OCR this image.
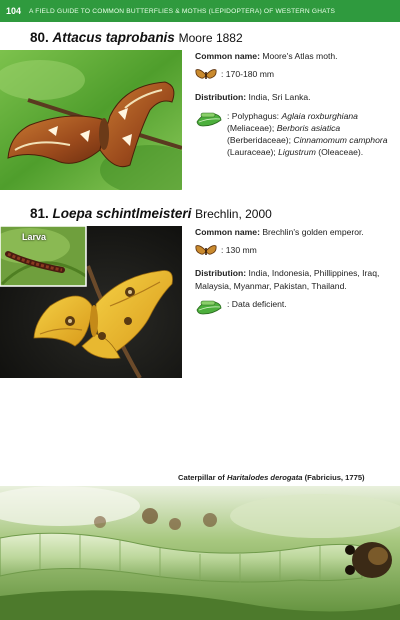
104 A FIELD GUIDE TO COMMON BUTTERFLIES & MOTHS (LEPIDOPTERA) OF WESTERN GHATS
80. Attacus taprobanis Moore 1882
Common name: Moore's Atlas moth.
: 170-180 mm
Distribution: India, Sri Lanka.
: Polyphagus: Aglaia roxburghiana (Meliaceae); Berboris asiatica (Berberidaceae); Cinnamomum camphora (Lauraceae); Ligustrum (Oleaceae).
81. Loepa schintlmeisteri Brechlin, 2000
Larva	Common name: Brechlin's golden emperor.
: 130 mm
Distribution: India, Indonesia, Phillippines, Iraq, Malaysia, Myanmar, Pakistan, Thailand.
: Data deficient.
Caterpillar of Haritalodes derogata (Fabricius, 1775)
